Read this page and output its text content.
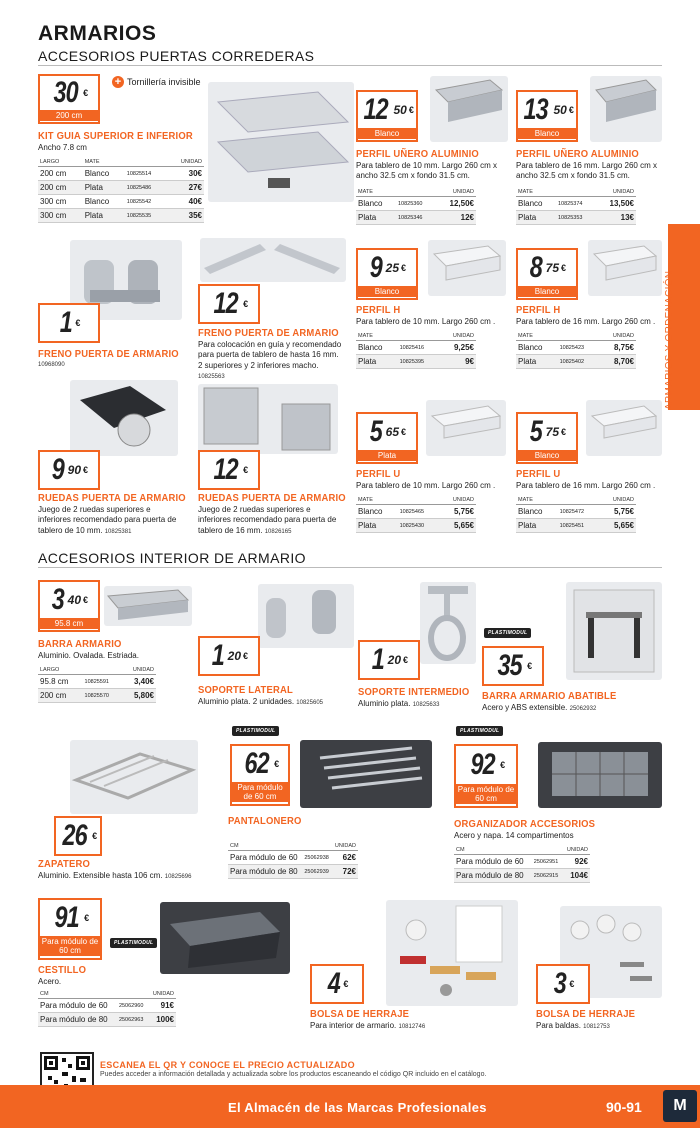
ARMARIOS
ACCESORIOS PUERTAS CORREDERAS
ARMARIOS Y ORDENACIÓN
30 €
200 cm
+ Tornillería invisible
KIT GUIA SUPERIOR E INFERIOR
Ancho 7.8 cm
LARGO	MATE		UNIDAD
200 cm	Blanco	10825514	30€
200 cm	Plata	10825486	27€
300 cm	Blanco	10825542	40€
300 cm	Plata	10825535	35€
12 50 €
Blanco
PERFIL UÑERO ALUMINIO
Para tablero de 10 mm. Largo 260 cm x ancho 32.5 cm x fondo 31.5 cm.
MATE		UNIDAD
Blanco	10825360	12,50€
Plata	10825346	12€
13 50 €
Blanco
PERFIL UÑERO ALUMINIO
Para tablero de 16 mm. Largo 260 cm x ancho 32.5 cm x fondo 31.5 cm.
MATE		UNIDAD
Blanco	10825374	13,50€
Plata	10825353	13€
1 €
FRENO PUERTA DE ARMARIO
10968090
12 €
FRENO PUERTA DE ARMARIO
Para colocación en guía y recomendado para puerta de tablero de hasta 16 mm. 2 superiores y 2 inferiores macho. 10825563
9 25 €
Blanco
PERFIL H
Para tablero de 10 mm. Largo 260 cm .
MATE		UNIDAD
Blanco	10825416	9,25€
Plata	10825395	9€
8 75 €
Blanco
PERFIL H
Para tablero de 16 mm. Largo 260 cm .
MATE		UNIDAD
Blanco	10825423	8,75€
Plata	10825402	8,70€
9 90 €
RUEDAS PUERTA DE ARMARIO
Juego de 2 ruedas superiores e inferiores recomendado para puerta de tablero de 10 mm. 10825381
12 €
RUEDAS PUERTA DE ARMARIO
Juego de 2 ruedas superiores e inferiores recomendado para puerta de tablero de 16 mm. 10826165
5 65 €
Plata
PERFIL U
Para tablero de 10 mm. Largo 260 cm .
MATE		UNIDAD
Blanco	10825465	5,75€
Plata	10825430	5,65€
5 75 €
Blanco
PERFIL U
Para tablero de 16 mm. Largo 260 cm .
MATE		UNIDAD
Blanco	10825472	5,75€
Plata	10825451	5,65€
ACCESORIOS INTERIOR DE ARMARIO
3 40 €
95.8 cm
BARRA ARMARIO
Aluminio. Ovalada. Estriada.
LARGO		UNIDAD
95.8 cm	10825591	3,40€
200 cm	10825570	5,80€
1 20 €
SOPORTE LATERAL
Aluminio plata. 2 unidades. 10825605
1 20 €
SOPORTE INTERMEDIO
Aluminio plata. 10825633
PLASTIMODUL
35 €
BARRA ARMARIO ABATIBLE
Acero y ABS extensible. 25062932
26 €
ZAPATERO
Aluminio. Extensible hasta 106 cm. 10825696
PLASTIMODUL
62 €
Para módulo de 60 cm
PANTALONERO
CM		UNIDAD
Para módulo de 60	25062938	62€
Para módulo de 80	25062939	72€
PLASTIMODUL
92 €
Para módulo de 60 cm
ORGANIZADOR ACCESORIOS
Acero y napa. 14 compartimentos
CM		UNIDAD
Para módulo de 60	25062951	92€
Para módulo de 80	25062915	104€
91 €
Para módulo de 60 cm
PLASTIMODUL
CESTILLO
Acero.
CM		UNIDAD
Para módulo de 60	25062960	91€
Para módulo de 80	25062963	100€
4 €
BOLSA DE HERRAJE
Para interior de armario. 10812746
3 €
BOLSA DE HERRAJE
Para baldas. 10812753
ESCANEA EL QR Y CONOCE EL PRECIO ACTUALIZADO
Puedes acceder a información detallada y actualizada sobre los productos escaneando el código QR incluido en el catálogo.
El Almacén de las Marcas Profesionales	90-91	M
